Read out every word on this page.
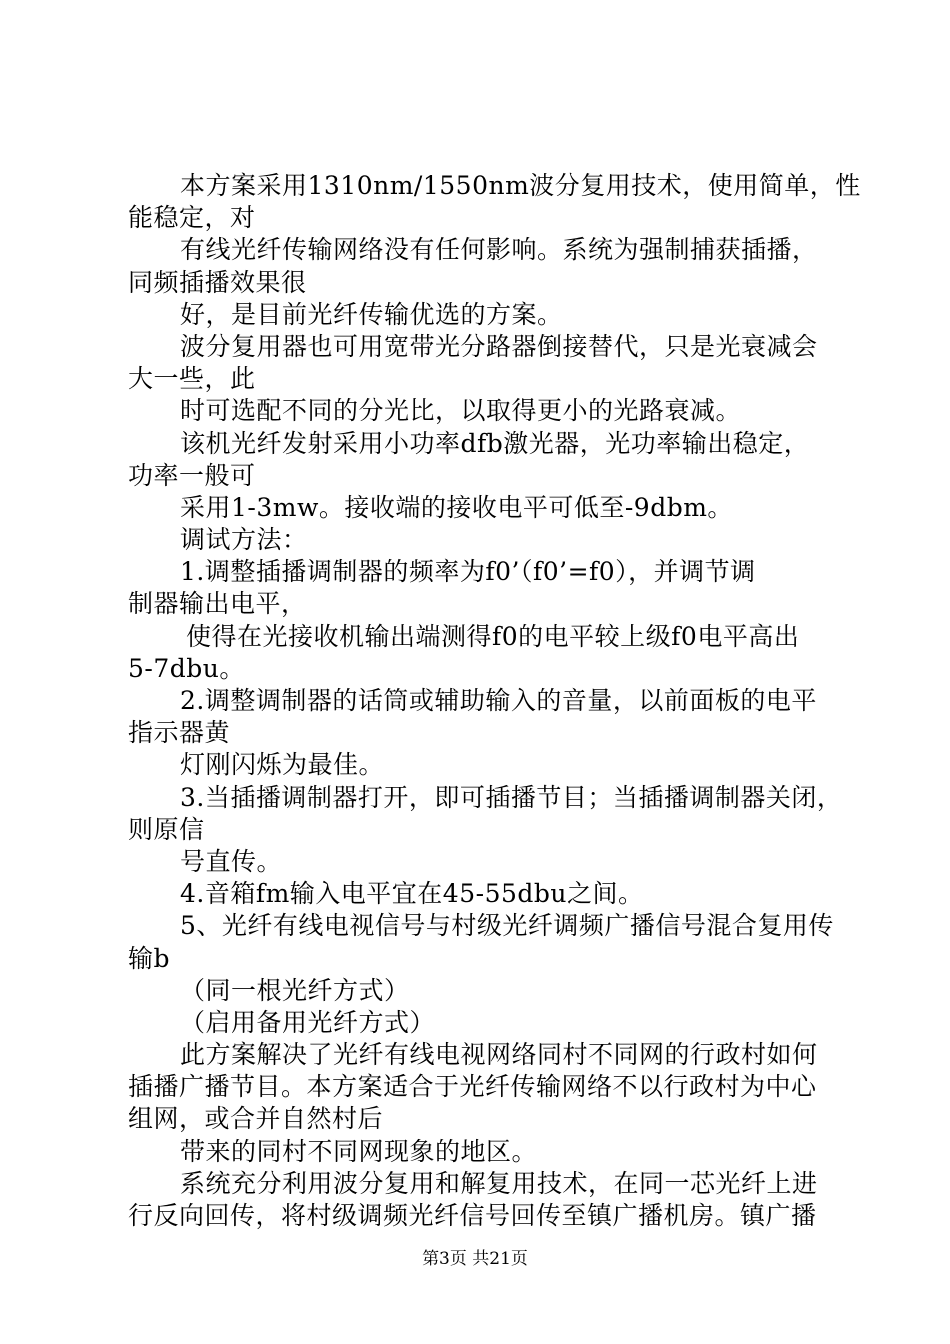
本方案采用1310nm/1550nm波分复用技术，使用简单，性

能稳定，对

有线光纤传输网络没有任何影响。系统为强制捕获插播，

同频插播效果很

好，是目前光纤传输优选的方案。

波分复用器也可用宽带光分路器倒接替代，只是光衰减会

大一些，此

时可选配不同的分光比，以取得更小的光路衰减。

该机光纤发射采用小功率dfb激光器，光功率输出稳定，

功率一般可

采用1-3mw。接收端的接收电平可低至-9dbm。

调试方法：

1.调整插播调制器的频率为f0’（f0’=f0），并调节调

制器输出电平，

使得在光接收机输出端测得f0的电平较上级f0电平高出

5-7dbu。

2.调整调制器的话筒或辅助输入的音量，以前面板的电平

指示器黄

灯刚闪烁为最佳。

3.当插播调制器打开，即可插播节目；当插播调制器关闭，

则原信

号直传。

4.音箱fm输入电平宜在45-55dbu之间。

5、光纤有线电视信号与村级光纤调频广播信号混合复用传

输b

（同一根光纤方式）

（启用备用光纤方式）

此方案解决了光纤有线电视网络同村不同网的行政村如何

插播广播节目。本方案适合于光纤传输网络不以行政村为中心

组网，或合并自然村后

带来的同村不同网现象的地区。

系统充分利用波分复用和解复用技术，在同一芯光纤上进

行反向回传，将村级调频光纤信号回传至镇广播机房。镇广播

第3页 共21页
